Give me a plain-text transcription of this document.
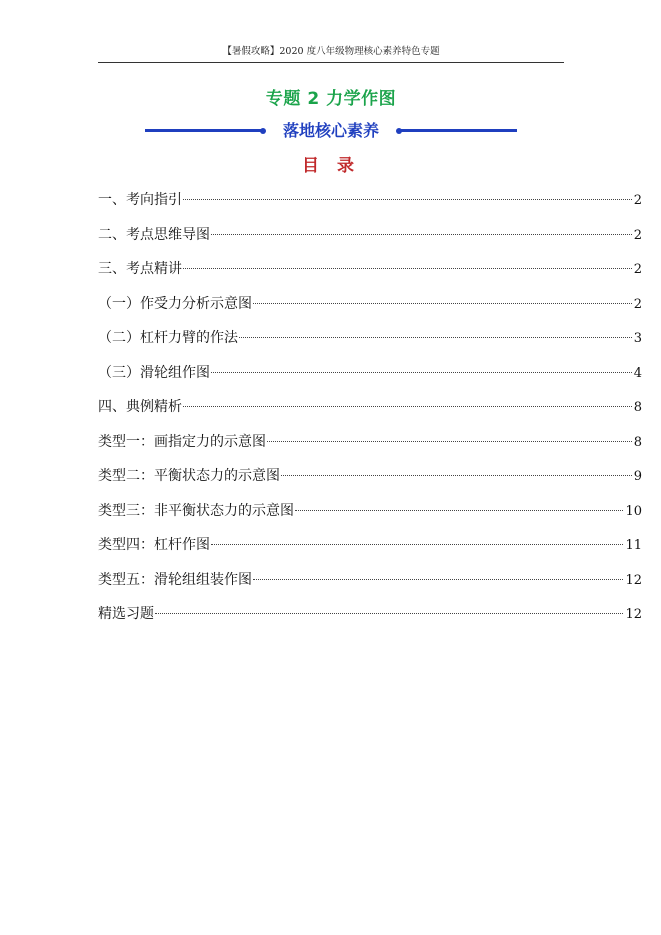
【暑假攻略】2020 度八年级物理核心素养特色专题
专题 2 力学作图
落地核心素养
目 录
一、考向指引	2
二、考点思维导图	2
三、考点精讲	2
（一）作受力分析示意图	2
（二）杠杆力臂的作法	3
（三）滑轮组作图	4
四、典例精析	8
类型一：画指定力的示意图	8
类型二：平衡状态力的示意图	9
类型三：非平衡状态力的示意图	10
类型四：杠杆作图	11
类型五：滑轮组组装作图	12
精选习题	12
